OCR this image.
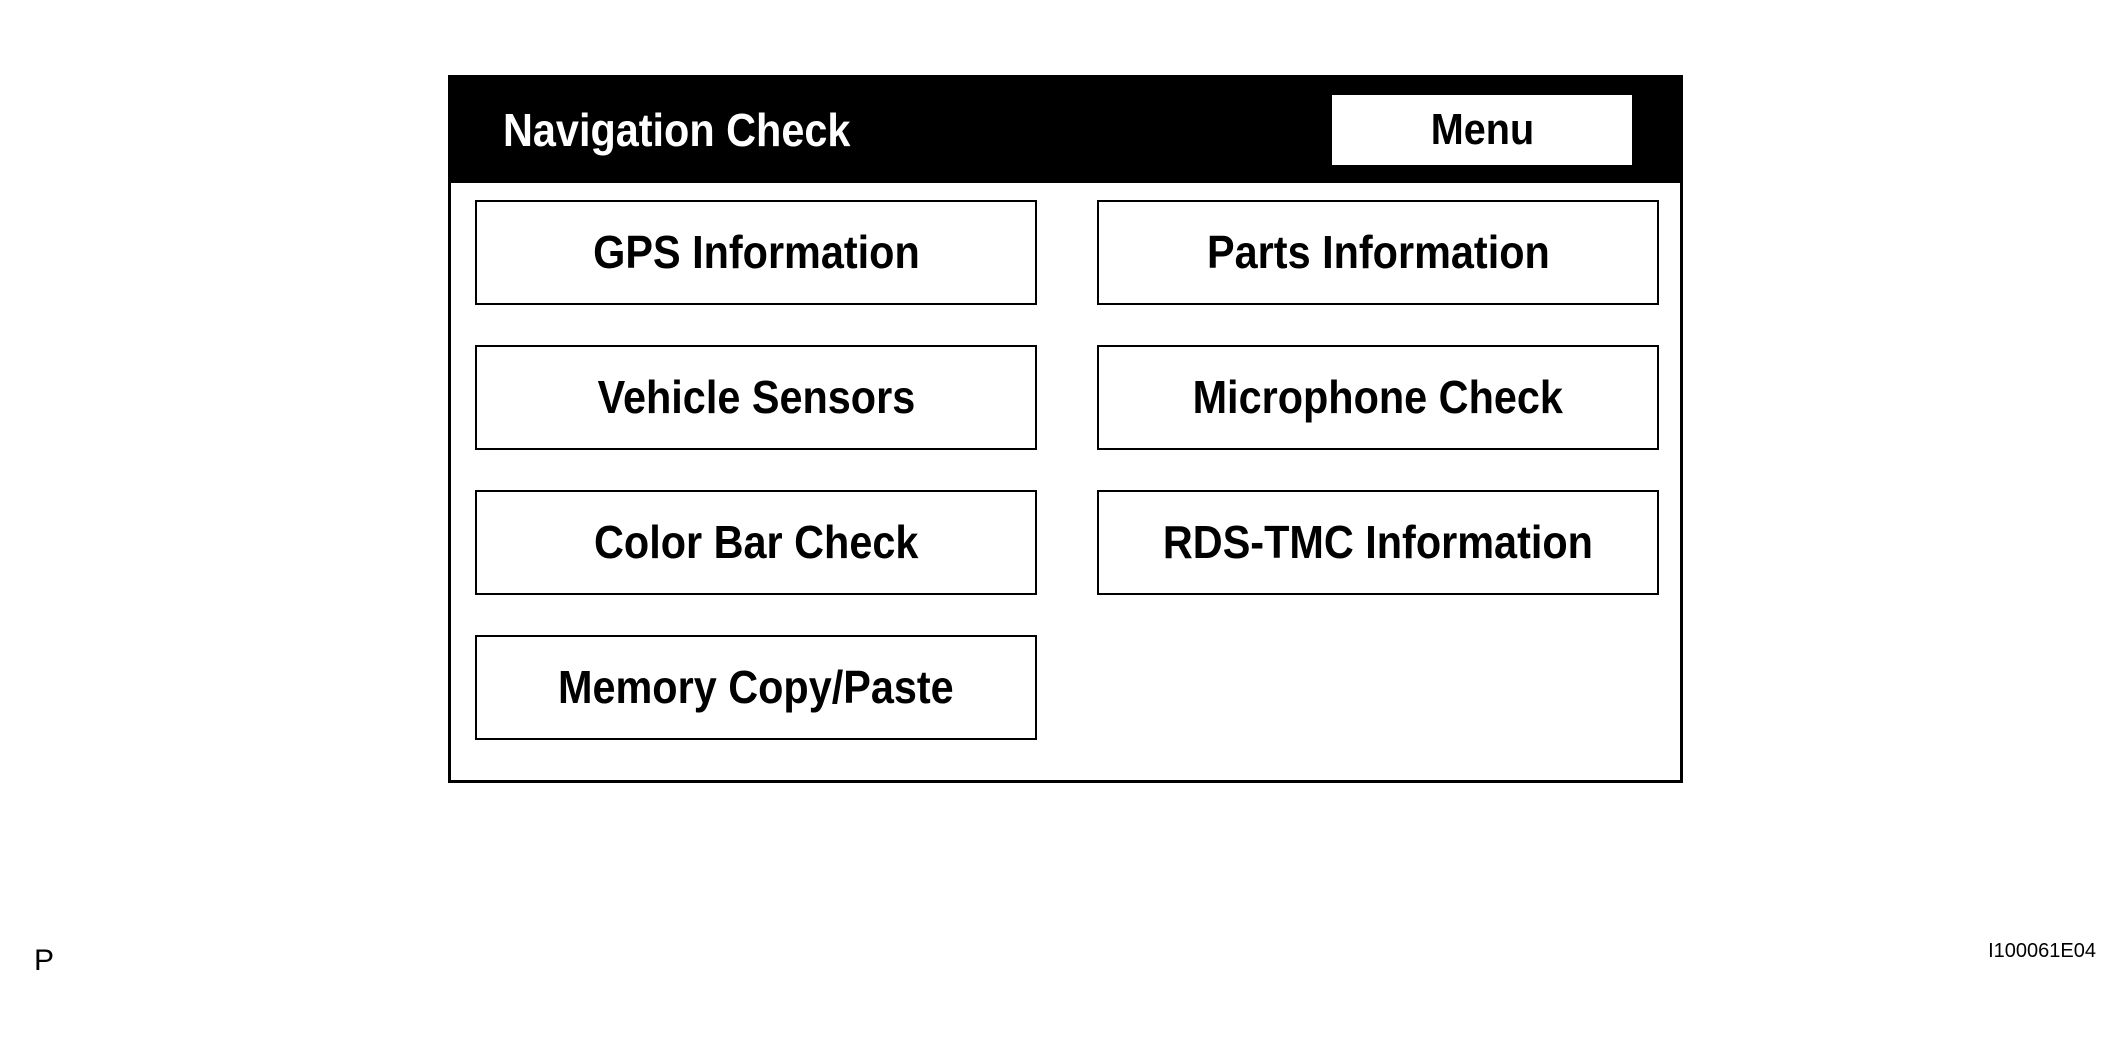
Navigation Check	Menu
GPS Information	Parts Information
Vehicle Sensors	Microphone Check
Color Bar Check	RDS-TMC Information
Memory Copy/Paste
P	I100061E04
